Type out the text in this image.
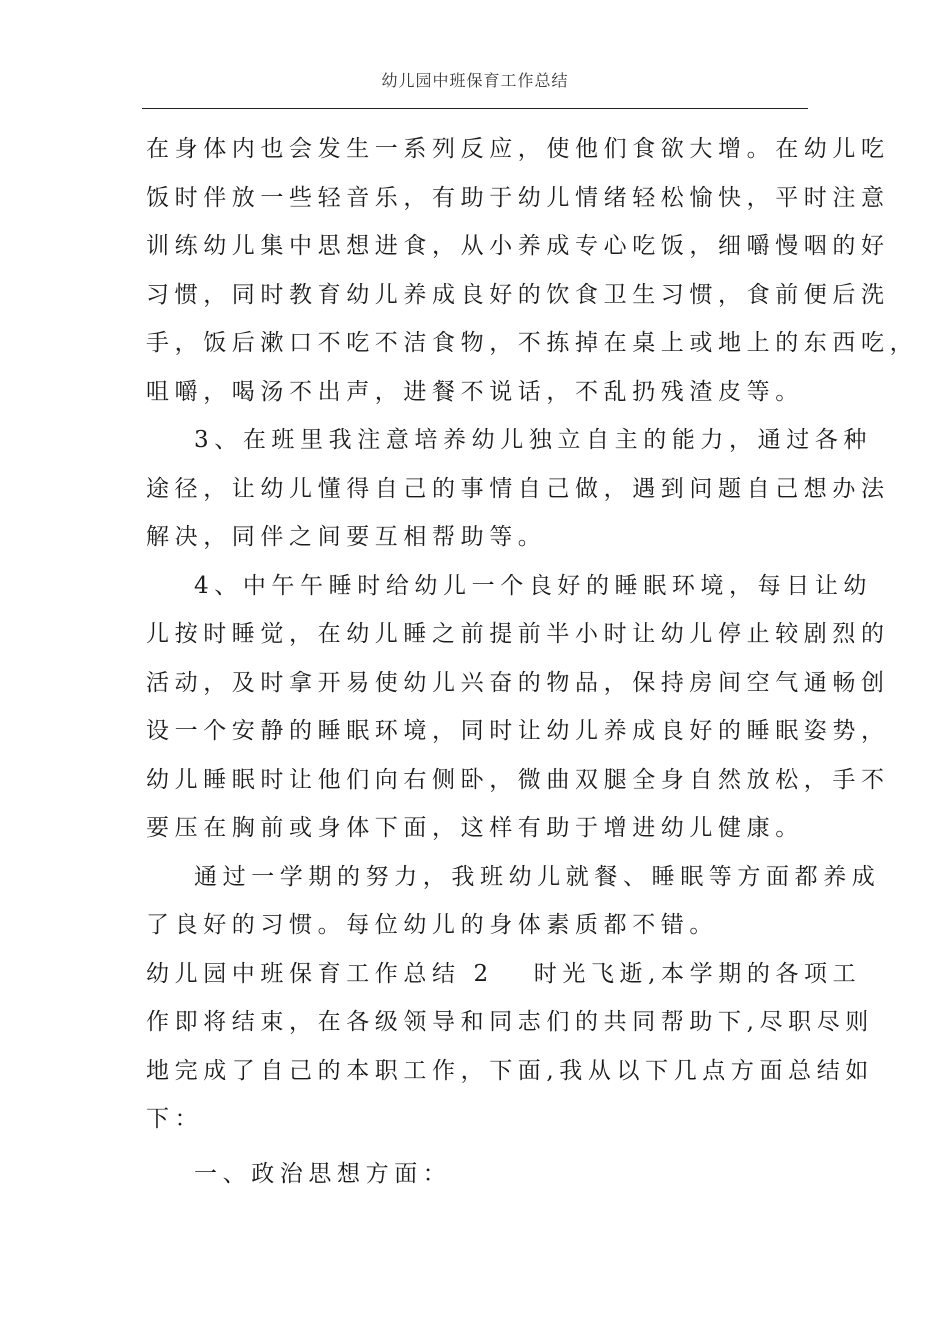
幼儿园中班保育工作总结
在身体内也会发生一系列反应，使他们食欲大增。在幼儿吃
饭时伴放一些轻音乐，有助于幼儿情绪轻松愉快，平时注意
训练幼儿集中思想进食，从小养成专心吃饭，细嚼慢咽的好
习惯，同时教育幼儿养成良好的饮食卫生习惯，食前便后洗
手，饭后漱口不吃不洁食物，不拣掉在桌上或地上的东西吃，
咀嚼，喝汤不出声，进餐不说话，不乱扔残渣皮等。
3、在班里我注意培养幼儿独立自主的能力，通过各种
途径，让幼儿懂得自己的事情自己做，遇到问题自己想办法
解决，同伴之间要互相帮助等。
4、中午午睡时给幼儿一个良好的睡眠环境，每日让幼
儿按时睡觉，在幼儿睡之前提前半小时让幼儿停止较剧烈的
活动，及时拿开易使幼儿兴奋的物品，保持房间空气通畅创
设一个安静的睡眠环境，同时让幼儿养成良好的睡眠姿势，
幼儿睡眠时让他们向右侧卧，微曲双腿全身自然放松，手不
要压在胸前或身体下面，这样有助于增进幼儿健康。
通过一学期的努力，我班幼儿就餐、睡眠等方面都养成
了良好的习惯。每位幼儿的身体素质都不错。
幼儿园中班保育工作总结 2 时光飞逝,本学期的各项工
作即将结束，在各级领导和同志们的共同帮助下,尽职尽则
地完成了自己的本职工作，下面,我从以下几点方面总结如
下：
一、政治思想方面：
